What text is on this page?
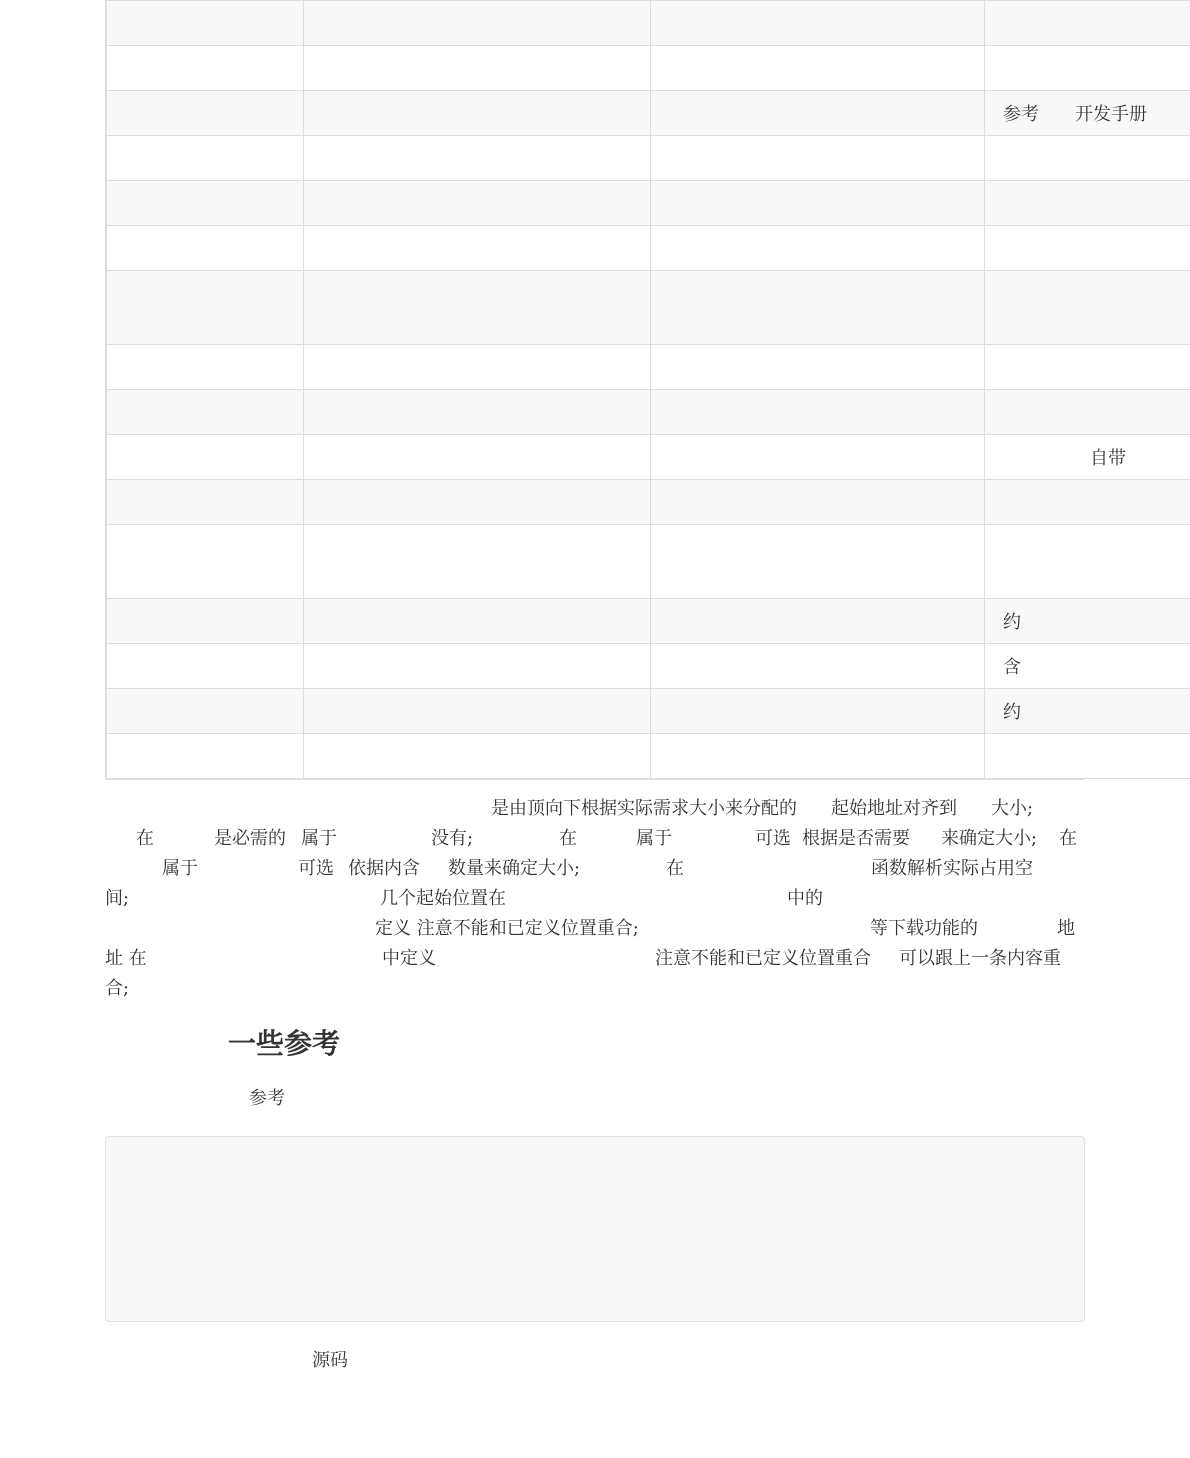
			参考　　开发手册

			自带

			约
			含
			约

是由顶向下根据实际需求大小来分配的 起始地址对齐到 大小;
在	是必需的 属于	没有;	在	属于	可选 根据是否需要 来确定大小; 在
属于	可选 依据内含 数量来确定大小;	在	函数解析实际占用空
间;	几个起始位置在	中的
定义 注意不能和已定义位置重合;	等下载功能的	地
址 在	中定义	注意不能和已定义位置重合 可以跟上一条内容重
合;
一些参考
参考
源码
